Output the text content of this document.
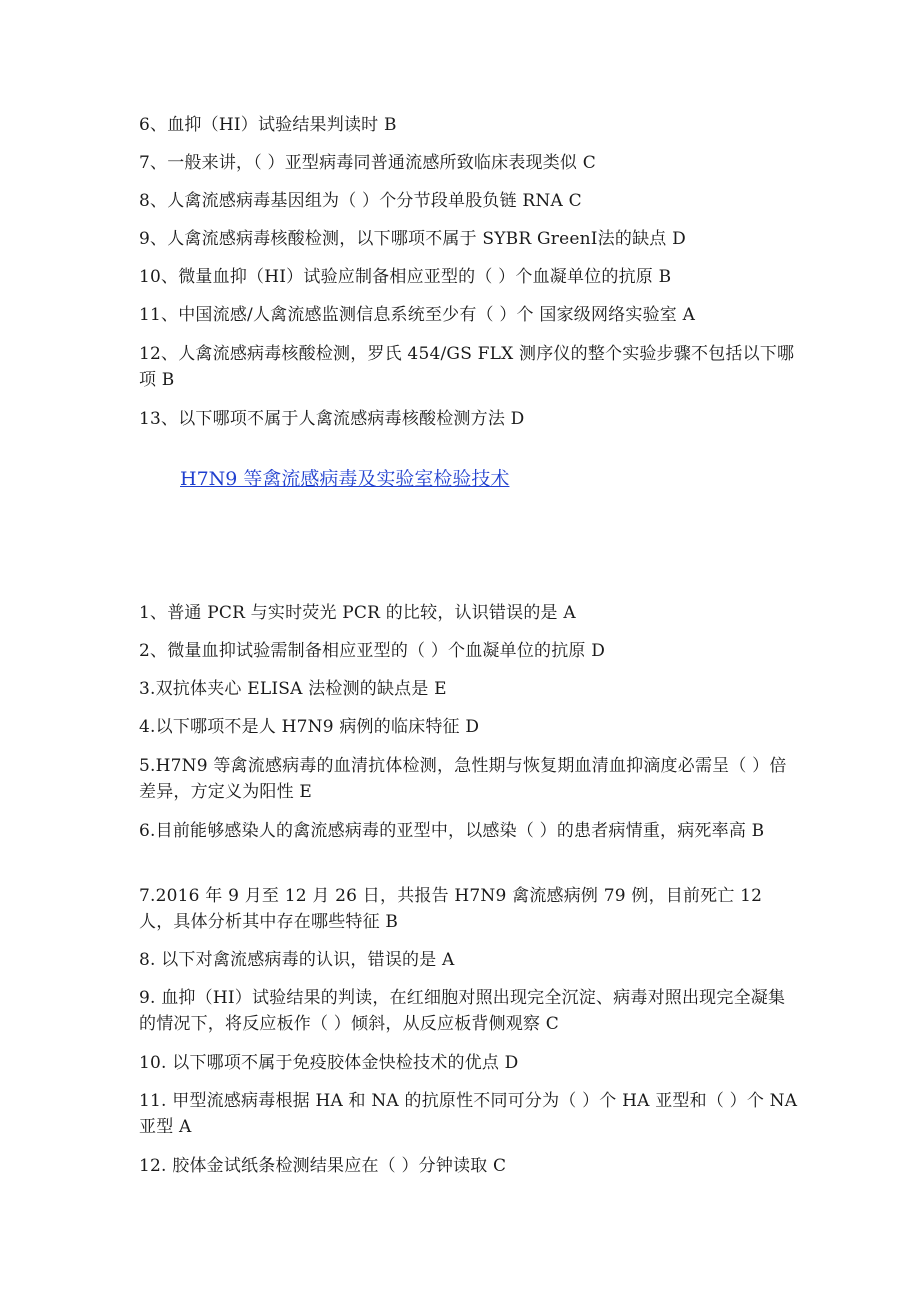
6、血抑（HI）试验结果判读时 B
7、一般来讲，（ ）亚型病毒同普通流感所致临床表现类似 C
8、人禽流感病毒基因组为（ ）个分节段单股负链 RNA C
9、人禽流感病毒核酸检测，以下哪项不属于 SYBR GreenⅠ法的缺点 D
10、微量血抑（HI）试验应制备相应亚型的（ ）个血凝单位的抗原 B
11、中国流感/人禽流感监测信息系统至少有（ ）个 国家级网络实验室 A
12、人禽流感病毒核酸检测，罗氏 454/GS FLX 测序仪的整个实验步骤不包括以下哪项 B
13、以下哪项不属于人禽流感病毒核酸检测方法 D
H7N9 等禽流感病毒及实验室检验技术
1、普通 PCR 与实时荧光 PCR 的比较，认识错误的是 A
2、微量血抑试验需制备相应亚型的（ ）个血凝单位的抗原 D
3.双抗体夹心 ELISA 法检测的缺点是 E
4.以下哪项不是人 H7N9 病例的临床特征 D
5.H7N9 等禽流感病毒的血清抗体检测，急性期与恢复期血清血抑滴度必需呈（ ）倍差异，方定义为阳性 E
6.目前能够感染人的禽流感病毒的亚型中，以感染（ ）的患者病情重，病死率高 B
7.2016 年 9 月至 12 月 26 日，共报告 H7N9 禽流感病例 79 例，目前死亡 12 人，具体分析其中存在哪些特征 B
8. 以下对禽流感病毒的认识，错误的是 A
9. 血抑（HI）试验结果的判读，在红细胞对照出现完全沉淀、病毒对照出现完全凝集的情况下，将反应板作（ ）倾斜，从反应板背侧观察 C
10. 以下哪项不属于免疫胶体金快检技术的优点 D
11. 甲型流感病毒根据 HA 和 NA 的抗原性不同可分为（ ）个 HA 亚型和（ ）个 NA 亚型 A
12. 胶体金试纸条检测结果应在（ ）分钟读取 C
